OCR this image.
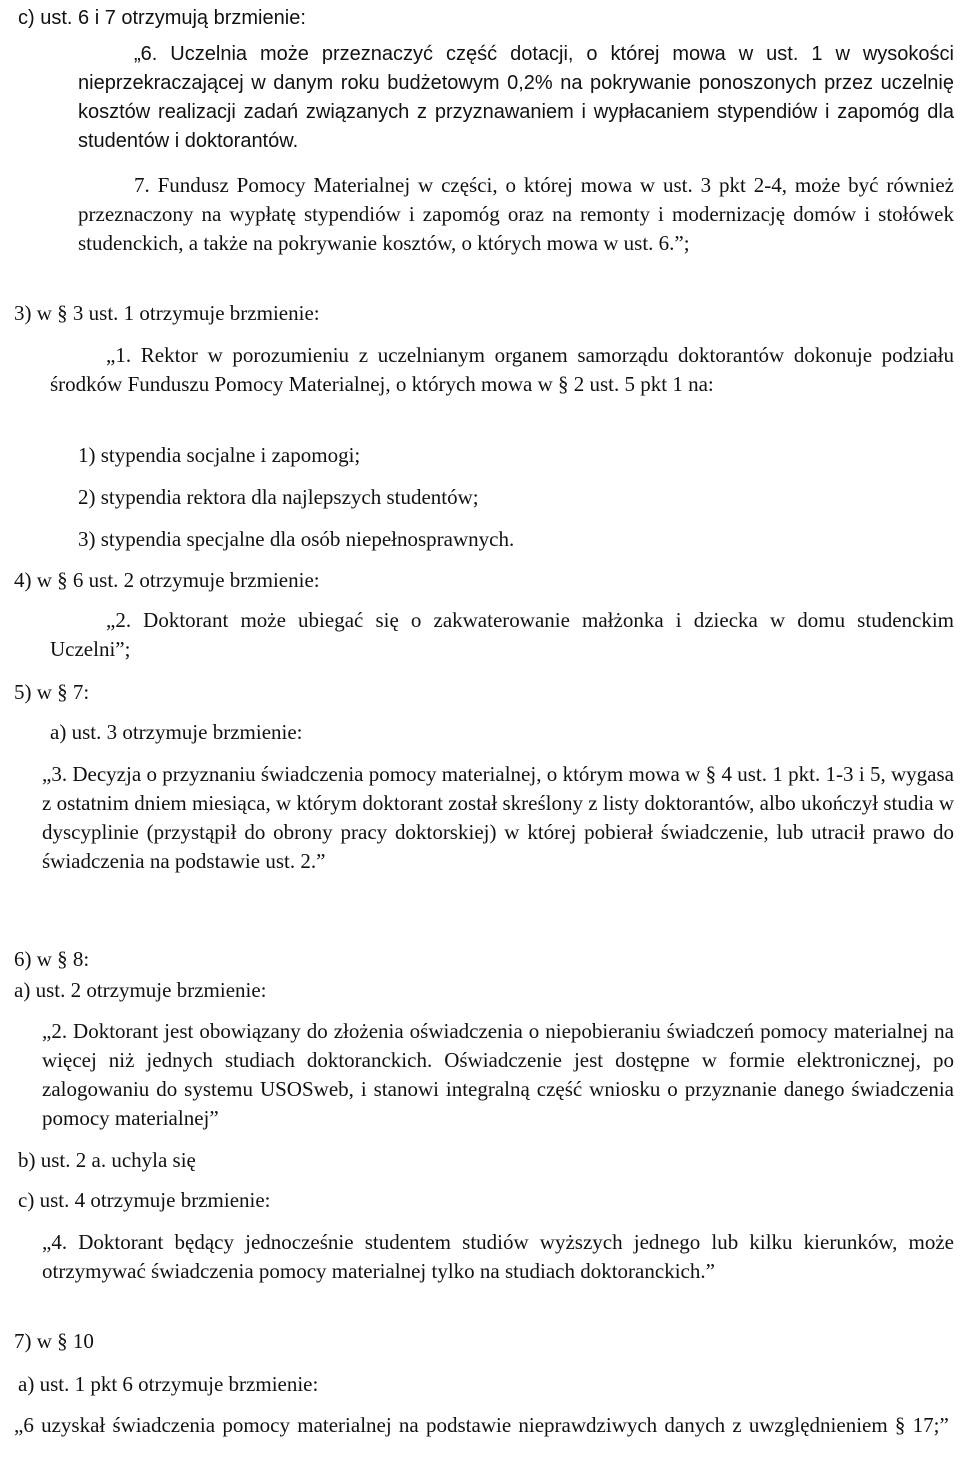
c) ust. 6 i 7 otrzymują brzmienie:

„6. Uczelnia może przeznaczyć część dotacji, o której mowa w ust. 1 w wysokości nieprzekraczającej w danym roku budżetowym 0,2% na pokrywanie ponoszonych przez uczelnię kosztów realizacji zadań związanych z przyznawaniem i wypłacaniem stypendiów i zapomóg dla studentów i doktorantów.

7. Fundusz Pomocy Materialnej w części, o której mowa w ust. 3 pkt 2-4, może być również przeznaczony na wypłatę stypendiów i zapomóg oraz na remonty i modernizację domów i stołówek studenckich, a także na pokrywanie kosztów, o których mowa w ust. 6.”;

3) w § 3 ust. 1 otrzymuje brzmienie:

„1. Rektor w porozumieniu z uczelnianym organem samorządu doktorantów dokonuje podziału środków Funduszu Pomocy Materialnej, o których mowa w § 2 ust. 5 pkt 1 na:

1) stypendia socjalne i zapomogi;

2) stypendia rektora dla najlepszych studentów;

3) stypendia specjalne dla osób niepełnosprawnych.

4) w § 6 ust. 2 otrzymuje brzmienie:

„2. Doktorant może ubiegać się o zakwaterowanie małżonka i dziecka w domu studenckim Uczelni”;

5) w § 7:

a) ust. 3 otrzymuje brzmienie:

„3. Decyzja o przyznaniu świadczenia pomocy materialnej, o którym mowa w § 4 ust. 1 pkt. 1-3 i 5, wygasa z ostatnim dniem miesiąca, w którym doktorant został skreślony z listy doktorantów, albo ukończył studia w dyscyplinie (przystąpił do obrony pracy doktorskiej) w której pobierał świadczenie, lub utracił prawo do świadczenia na podstawie ust. 2.”

6) w § 8:

a) ust. 2 otrzymuje brzmienie:

„2. Doktorant jest obowiązany do złożenia oświadczenia o niepobieraniu świadczeń pomocy materialnej na więcej niż jednych studiach doktoranckich. Oświadczenie jest dostępne w formie elektronicznej, po zalogowaniu do systemu USOSweb, i stanowi integralną część wniosku o przyznanie danego świadczenia pomocy materialnej”

b) ust. 2 a. uchyla się

c) ust. 4 otrzymuje brzmienie:

„4. Doktorant będący jednocześnie studentem studiów wyższych jednego lub kilku kierunków, może otrzymywać świadczenia pomocy materialnej tylko na studiach doktoranckich.”

7) w § 10

a) ust. 1 pkt 6 otrzymuje brzmienie:

„6 uzyskał świadczenia pomocy materialnej na podstawie nieprawdziwych danych z uwzględnieniem § 17;”
